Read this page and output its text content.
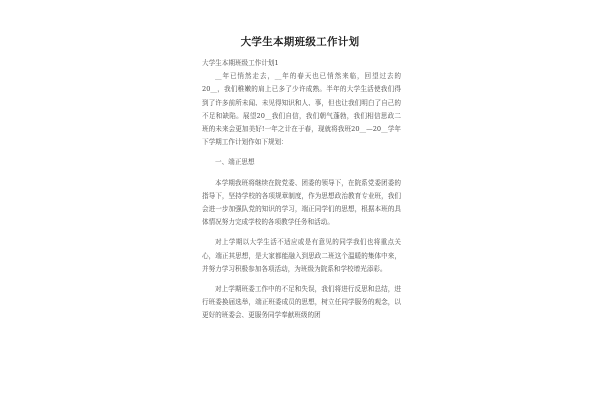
大学生本期班级工作计划

大学生本期班级工作计划1

__年已悄然走去，__年的春天也已悄然来临，回望过去的20__，我们稚嫩的肩上已多了少许成熟。半年的大学生活使我们得到了许多前所未闻、未见得知识和人、事，但也让我们明白了自己的不足和缺陷。展望20__我们自信，我们朝气蓬勃，我们相信思政二班的未来会更加美好!一年之计在于春，现就将我班20__—20__学年下学期工作计划作如下规划：

一、端正思想

本学期我班将继续在院党委、团委的领导下，在院系党委团委的指导下，坚持学校的各项规章制度，作为思想政治教育专业班，我们会进一步加强队党的知识的学习，端正同学们的思想，根据本班的具体情况努力完成学校的各项教学任务和活动。

对上学期以大学生活不适应或是有意见的同学我们也将重点关心，端正其思想，是大家都能融入到思政二班这个温暖的集体中来，并努力学习积极参加各项活动，为班级为院系和学校增光添彩。

对上学期班委工作中的不足和失误，我们将进行反思和总结，进行班委换届选举，端正班委成员的思想，树立任同学服务的观念，以更好的班委会、更服务同学奉献班级的团
